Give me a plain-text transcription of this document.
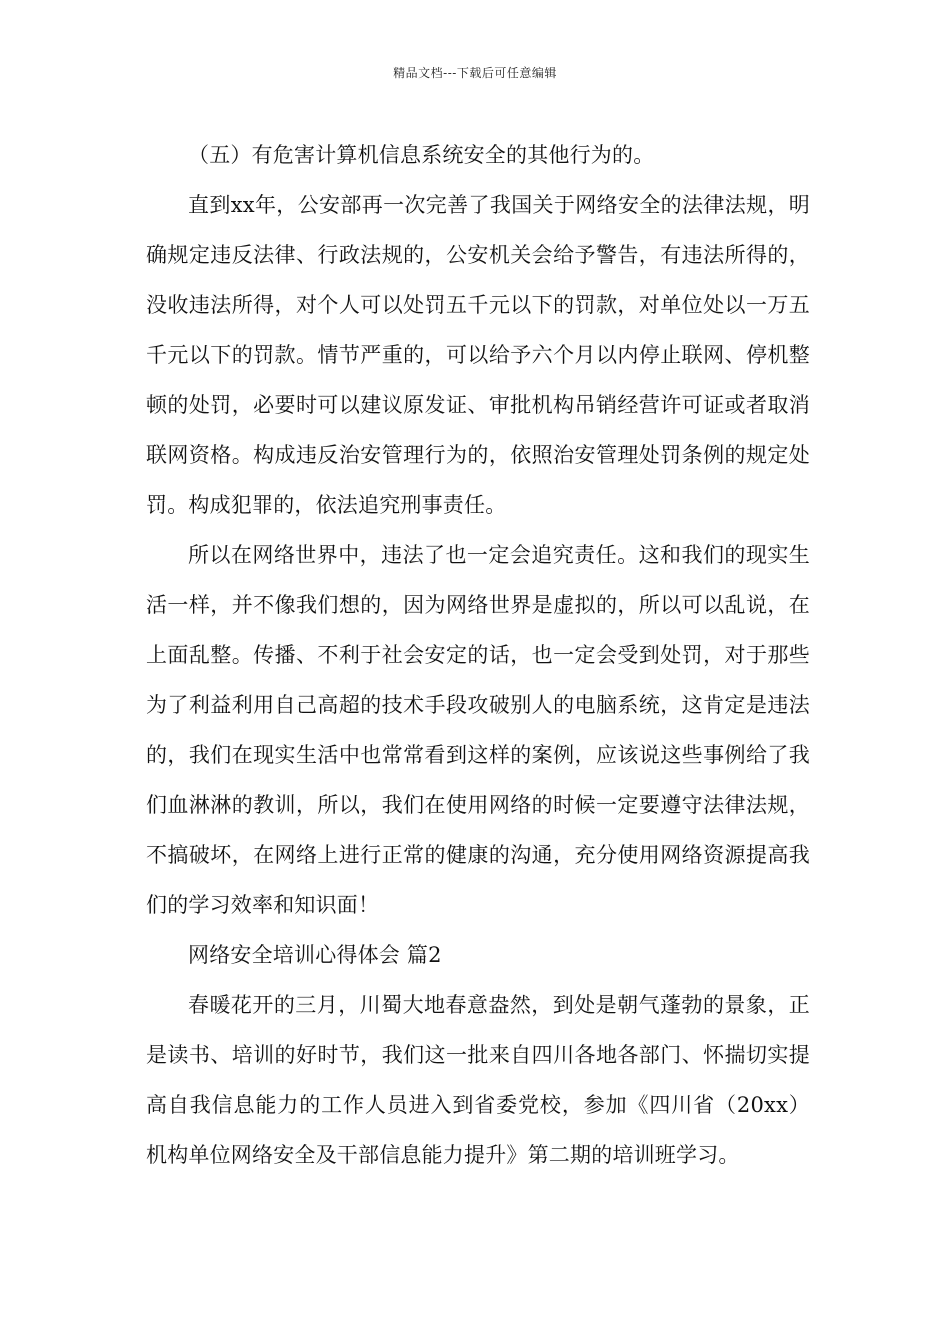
精品文档---下载后可任意编辑

（五）有危害计算机信息系统安全的其他行为的。

直到xx年，公安部再一次完善了我国关于网络安全的法律法规，明确规定违反法律、行政法规的，公安机关会给予警告，有违法所得的，没收违法所得，对个人可以处罚五千元以下的罚款，对单位处以一万五千元以下的罚款。情节严重的，可以给予六个月以内停止联网、停机整顿的处罚，必要时可以建议原发证、审批机构吊销经营许可证或者取消联网资格。构成违反治安管理行为的，依照治安管理处罚条例的规定处罚。构成犯罪的，依法追究刑事责任。

所以在网络世界中，违法了也一定会追究责任。这和我们的现实生活一样，并不像我们想的，因为网络世界是虚拟的，所以可以乱说，在上面乱整。传播、不利于社会安定的话，也一定会受到处罚，对于那些为了利益利用自己高超的技术手段攻破别人的电脑系统，这肯定是违法的，我们在现实生活中也常常看到这样的案例，应该说这些事例给了我们血淋淋的教训，所以，我们在使用网络的时候一定要遵守法律法规，不搞破坏，在网络上进行正常的健康的沟通，充分使用网络资源提高我们的学习效率和知识面！

网络安全培训心得体会 篇2

春暖花开的三月，川蜀大地春意盎然，到处是朝气蓬勃的景象，正是读书、培训的好时节，我们这一批来自四川各地各部门、怀揣切实提高自我信息能力的工作人员进入到省委党校，参加《四川省（20xx）机构单位网络安全及干部信息能力提升》第二期的培训班学习。
